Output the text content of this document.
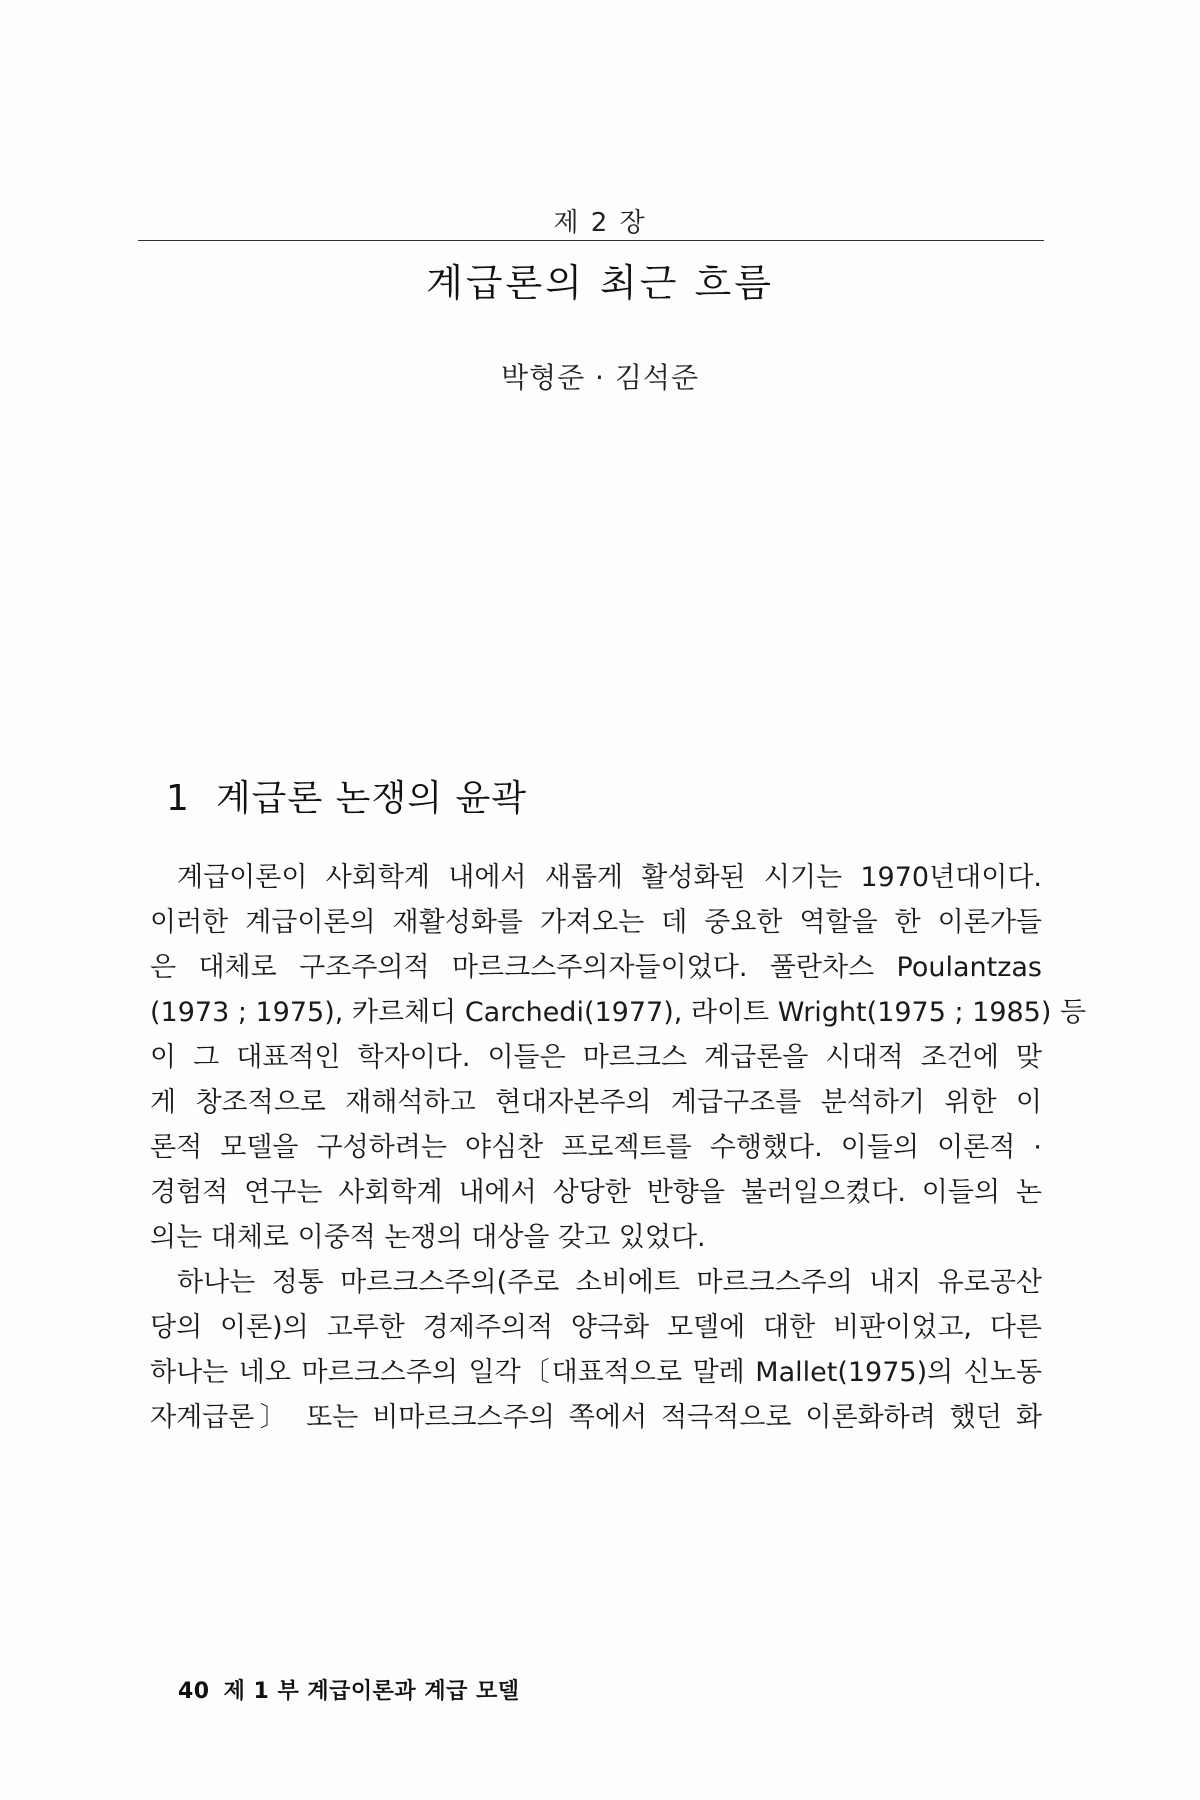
제 2 장
계급론의 최근 흐름
박형준 · 김석준
1 계급론 논쟁의 윤곽
계급이론이 사회학계 내에서 새롭게 활성화된 시기는 1970년대이다.
이러한 계급이론의 재활성화를 가져오는 데 중요한 역할을 한 이론가들
은 대체로 구조주의적 마르크스주의자들이었다. 풀란차스 Poulantzas
(1973 ; 1975), 카르체디 Carchedi(1977), 라이트 Wright(1975 ; 1985) 등
이 그 대표적인 학자이다. 이들은 마르크스 계급론을 시대적 조건에 맞
게 창조적으로 재해석하고 현대자본주의 계급구조를 분석하기 위한 이
론적 모델을 구성하려는 야심찬 프로젝트를 수행했다. 이들의 이론적 ·
경험적 연구는 사회학계 내에서 상당한 반향을 불러일으켰다. 이들의 논
의는 대체로 이중적 논쟁의 대상을 갖고 있었다.
하나는 정통 마르크스주의(주로 소비에트 마르크스주의 내지 유로공산
당의 이론)의 고루한 경제주의적 양극화 모델에 대한 비판이었고, 다른
하나는 네오 마르크스주의 일각〔대표적으로 말레 Mallet(1975)의 신노동
자계급론〕 또는 비마르크스주의 쪽에서 적극적으로 이론화하려 했던 화
40 제 1 부 계급이론과 계급 모델
